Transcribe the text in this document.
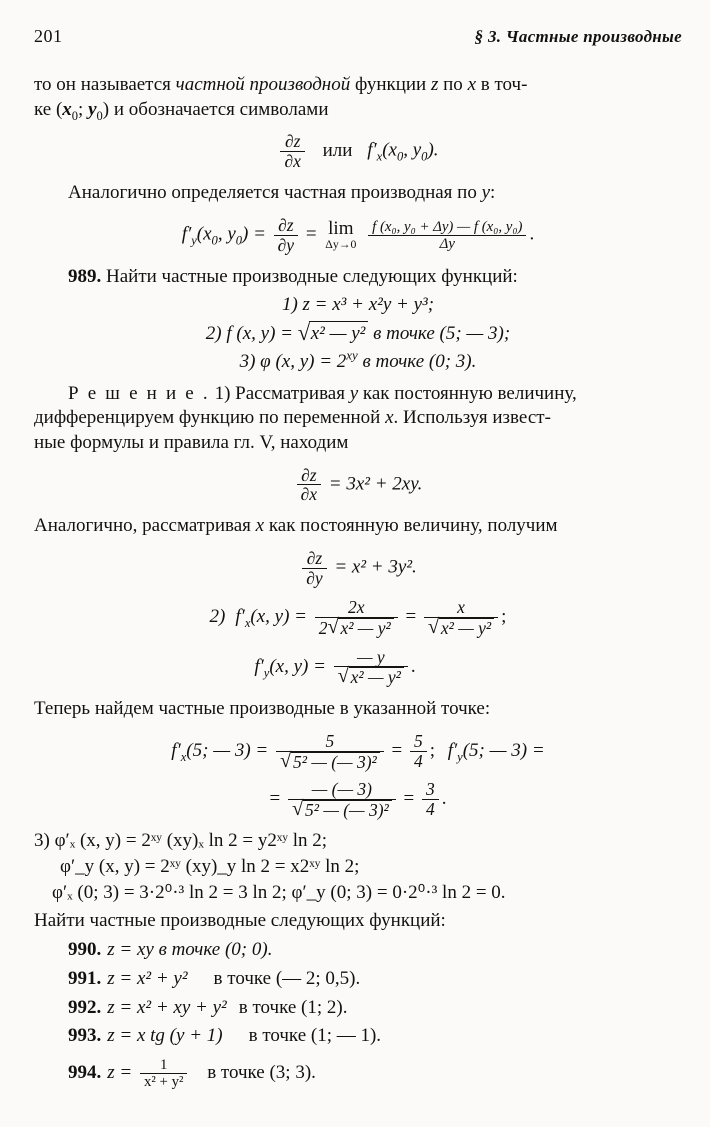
201	§ 3. Частные производные

то он называется частной производной функции z по x в точ-
ке ($x_0$; $y_0$) и обозначается символами

$\frac{\partial z}{\partial x}$ или $f'_x(x_0$, $y_0$).

Аналогично определяется частная производная по y:

$f'_y(x_0$, $y_0) = \frac{\partial z}{\partial y} = \lim$
Δy→0
$\frac{\text{f (x₀, y₀ + Δy) — f (x₀, y₀)}}{\Delta y}$ .

989. Найти частные производные следующих функций:

1) z = x³ + x²y + y³;
2) f (x, y) = √ x² — y² в точке (5; — 3);
3) φ (x, $y) = 2^{xy}$ в точке (0; 3).

Р е ш е н и е . 1) Рассматривая y как постоянную величину,
дифференцируем функцию по переменной x. Используя извест-
ные формулы и правила гл. V, находим

$\frac{\partial z}{\partial x} = 3x^2 + 2xy$.

Аналогично, рассматривая x как постоянную величину, получим

$\frac{\partial z}{\partial y} = x^2 + 3y^2$.
2) $f'_x(x$, $y) = \frac{2x}{\text{2 √ x² — y²}} = \frac{x}{\text{√ x² — y²}}$ ;
$f'_y(x$, $y) = \frac{— y}{\text{√ x² — y²}}$ .

Теперь найдем частные производные в указанной точке:

$f'_x(5$; — $3) = \frac{5}{\text{√ 5² — (— 3)²}} = \frac{5}{4}$ ; $f'_y(5$; — 3) =
= $\frac{— (— 3)}{\text{√ 5² — (— 3)²}} = \frac{3}{4}$ .
3) φ′ₓ (x, y) = 2ˣʸ (xy)ₓ ln 2 = y2ˣʸ ln 2;
φ′_y (x, y) = 2ˣʸ (xy)_y ln 2 = x2ˣʸ ln 2;
φ′ₓ (0; 3) = 3·2⁰·³ ln 2 = 3 ln 2; φ′_y (0; 3) = 0·2⁰·³ ln 2 = 0.

Найти частные производные следующих функций:

990. z = xy в точке (0; 0).
991. z = x² + y² в точке (— 2; 0,5).
992. z = x² + xy + y² в точке (1; 2).
993. z = x tg (y + 1) в точке (1; — 1).
994. $z = \frac{1}{\text{x² + y²}}$ в точке (3; 3).
